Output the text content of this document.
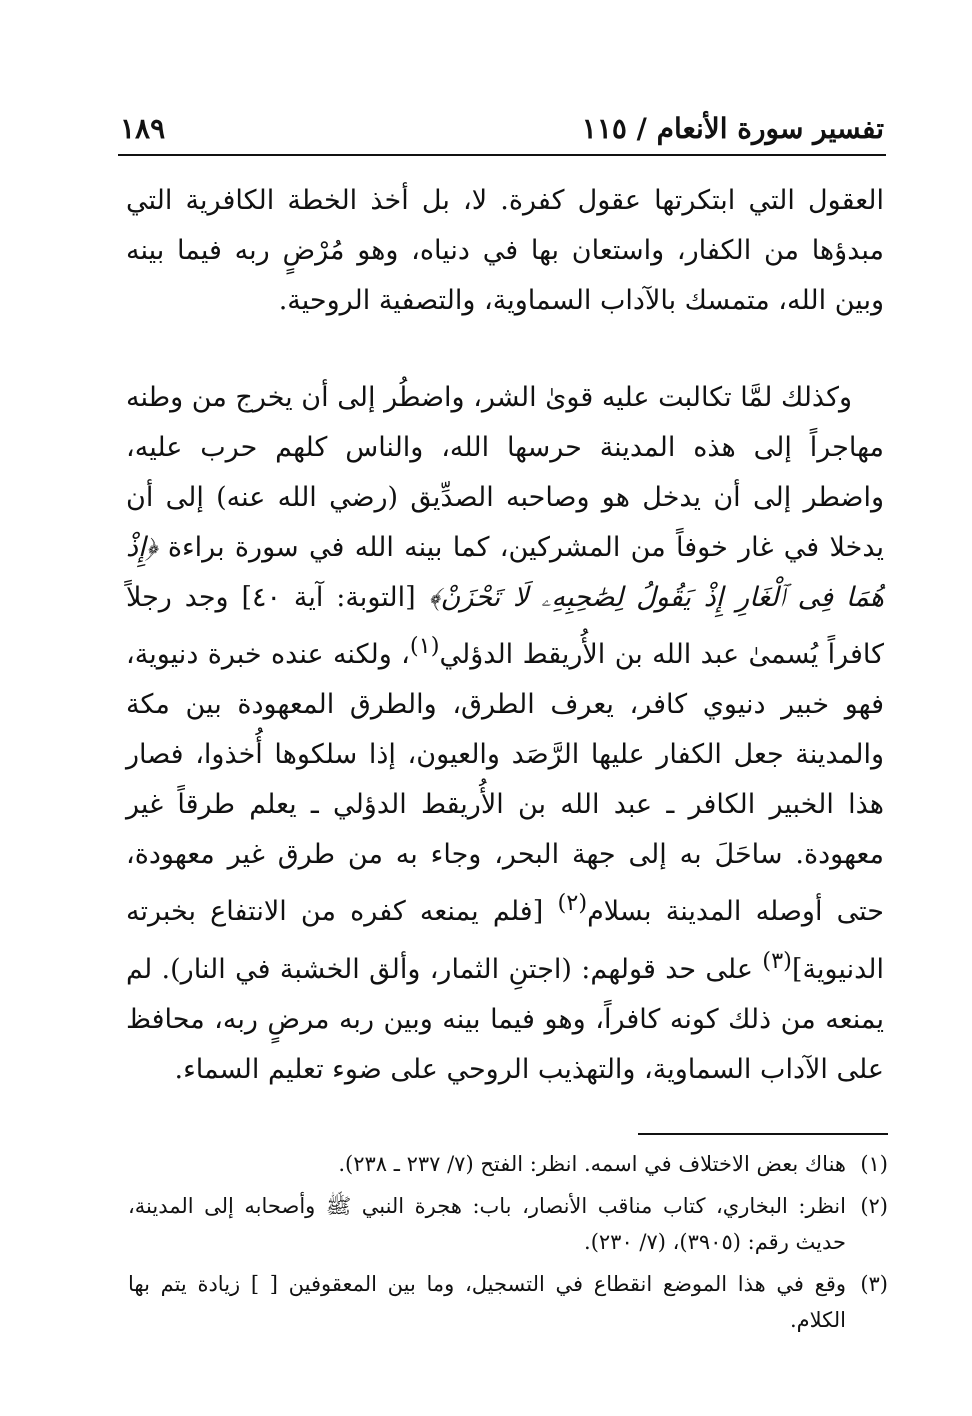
تفسير سورة الأنعام / ١١٥
١٨٩

العقول التي ابتكرتها عقول كفرة. لا، بل أخذ الخطة الكافرية التي مبدؤها من الكفار، واستعان بها في دنياه، وهو مُرْضٍ ربه فيما بينه وبين الله، متمسك بالآداب السماوية، والتصفية الروحية.

وكذلك لمَّا تكالبت عليه قوىٰ الشر، واضطُر إلى أن يخرج من وطنه مهاجراً إلى هذه المدينة حرسها الله، والناس كلهم حرب عليه، واضطر إلى أن يدخل هو وصاحبه الصدِّيق (رضي الله عنه) إلى أن يدخلا في غار خوفاً من المشركين، كما بينه الله في سورة براءة ﴿إِذْ هُمَا فِى ٱلْغَارِ إِذْ يَقُولُ لِصَٰحِبِهِۦ لَا تَحْزَنْ﴾ [التوبة: آية ٤٠] وجد رجلاً كافراً يُسمىٰ عبد الله بن الأُريقط الدؤلي$^{(١)}$، ولكنه عنده خبرة دنيوية، فهو خبير دنيوي كافر، يعرف الطرق، والطرق المعهودة بين مكة والمدينة جعل الكفار عليها الرَّصَد والعيون، إذا سلكوها أُخذوا، فصار هذا الخبير الكافر ـ عبد الله بن الأُريقط الدؤلي ـ يعلم طرقاً غير معهودة. ساحَلَ به إلى جهة البحر، وجاء به من طرق غير معهودة، حتى أوصله المدينة بسلام$^{(٢)}$ [فلم يمنعه كفره من الانتفاع بخبرته الدنيوية]$^{(٣)}$ على حد قولهم: (اجتنِ الثمار، وألق الخشبة في النار). لم يمنعه من ذلك كونه كافراً، وهو فيما بينه وبين ربه مرضٍ ربه، محافظ على الآداب السماوية، والتهذيب الروحي على ضوء تعليم السماء.

(١)
هناك بعض الاختلاف في اسمه. انظر: الفتح (٧/ ٢٣٧ ـ ٢٣٨).
(٢)
انظر: البخاري، كتاب مناقب الأنصار، باب: هجرة النبي ﷺ وأصحابه إلى المدينة، حديث رقم: (٣٩٠٥)، (٧/ ٢٣٠).
(٣)
وقع في هذا الموضع انقطاع في التسجيل، وما بين المعقوفين [ ] زيادة يتم بها الكلام.
